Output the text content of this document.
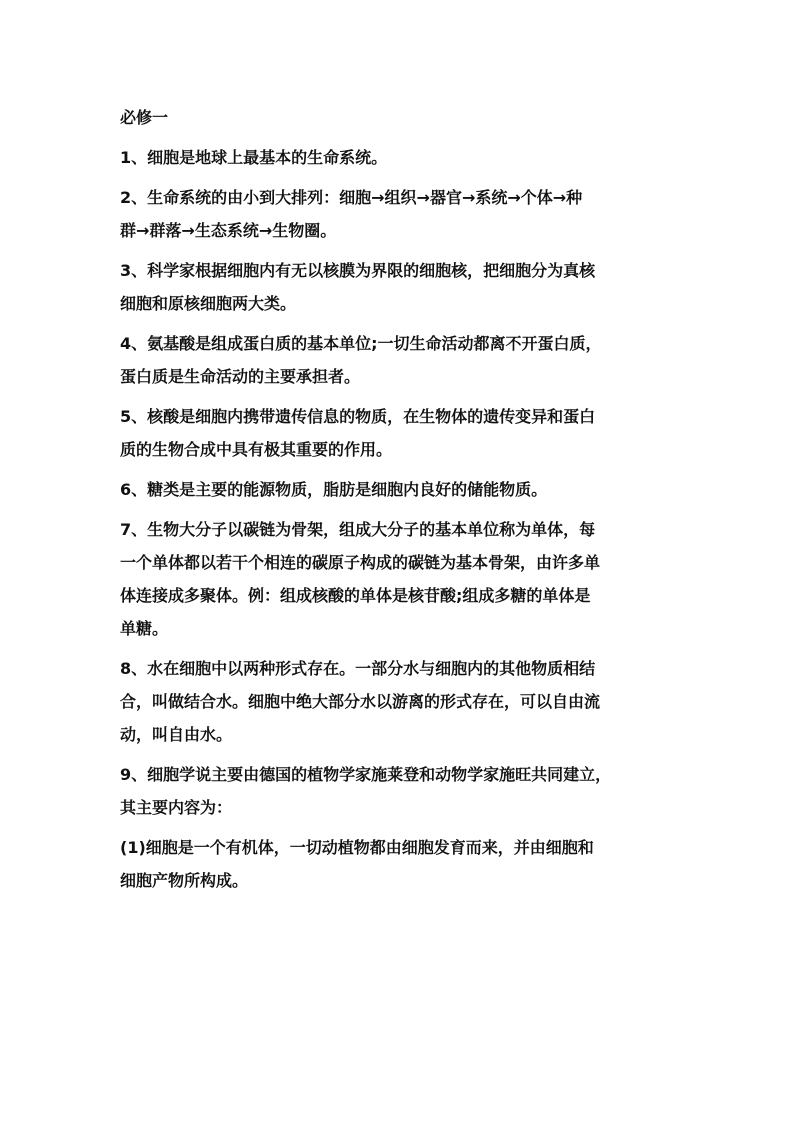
必修一
1、细胞是地球上最基本的生命系统。
2、生命系统的由小到大排列：细胞→组织→器官→系统→个体→种
群→群落→生态系统→生物圈。
3、科学家根据细胞内有无以核膜为界限的细胞核，把细胞分为真核
细胞和原核细胞两大类。
4、氨基酸是组成蛋白质的基本单位;一切生命活动都离不开蛋白质，
蛋白质是生命活动的主要承担者。
5、核酸是细胞内携带遗传信息的物质，在生物体的遗传变异和蛋白
质的生物合成中具有极其重要的作用。
6、糖类是主要的能源物质，脂肪是细胞内良好的储能物质。
7、生物大分子以碳链为骨架，组成大分子的基本单位称为单体，每
一个单体都以若干个相连的碳原子构成的碳链为基本骨架，由许多单
体连接成多聚体。例：组成核酸的单体是核苷酸;组成多糖的单体是
单糖。
8、水在细胞中以两种形式存在。一部分水与细胞内的其他物质相结
合，叫做结合水。细胞中绝大部分水以游离的形式存在，可以自由流
动，叫自由水。
9、细胞学说主要由德国的植物学家施莱登和动物学家施旺共同建立，
其主要内容为：
(1)细胞是一个有机体，一切动植物都由细胞发育而来，并由细胞和
细胞产物所构成。
